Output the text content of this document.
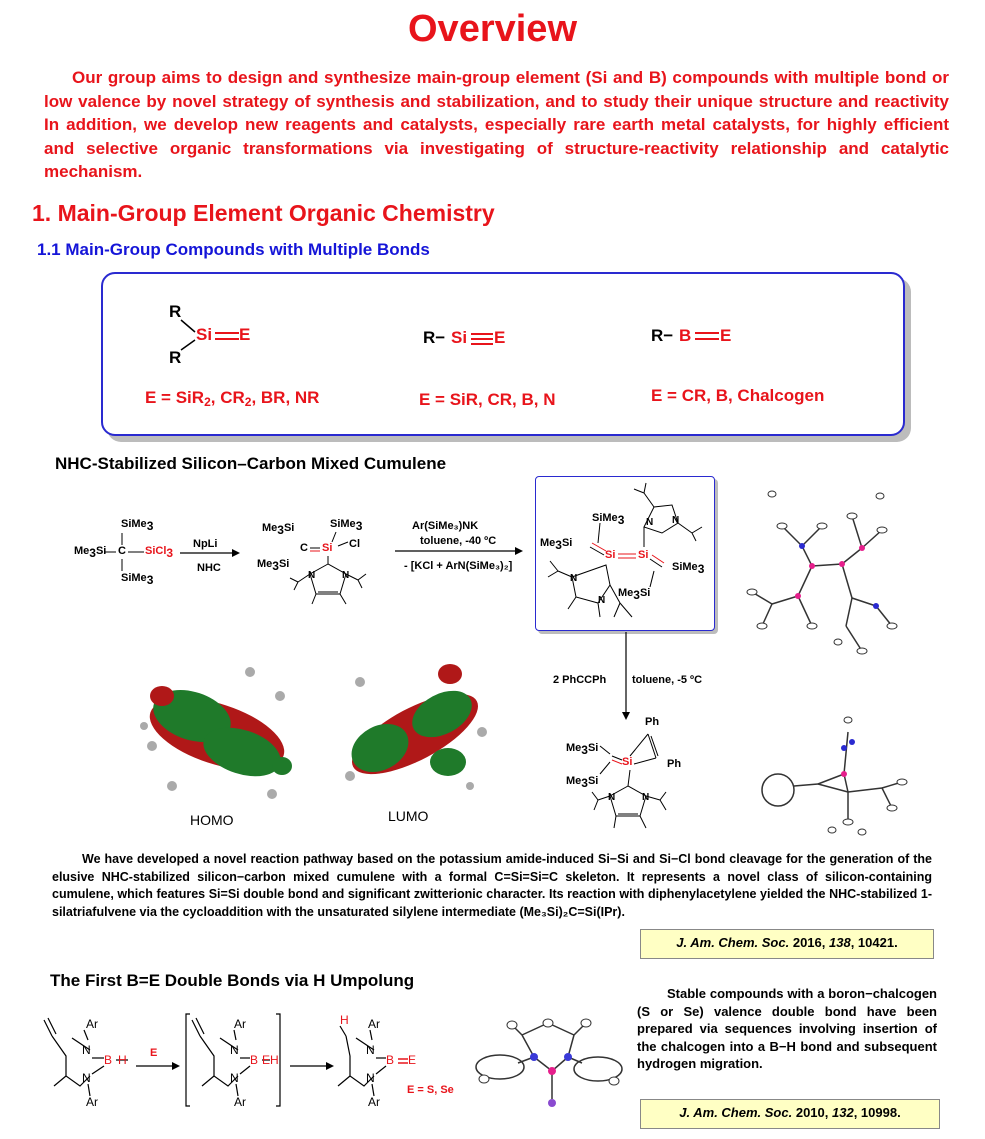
Overview
Our group aims to design and synthesize main-group element (Si and B) compounds with multiple bond or low valence by novel strategy of synthesis and stabilization, and to study their unique structure and reactivity In addition, we develop new reagents and catalysts, especially rare earth metal catalysts, for highly efficient and selective organic transformations via investigating of structure-reactivity relationship and catalytic mechanism.
1. Main-Group Element Organic Chemistry
1.1 Main-Group Compounds with Multiple Bonds
R
R
Si E
E = SiR$_2$, $CR_2$, BR, NR
R− Si E
E = SiR, CR, B, N
R− B E
E = CR, B, Chalcogen
NHC-Stabilized Silicon–Carbon Mixed Cumulene
SiMe3
Me3Si C SiCl3
SiMe3
NpLi
NHC
SiMe3
Me3Si
C Si Cl
Me3Si
N	N
Ar(SiMe₃)NK
toluene, -40 ºC
- [KCl + ArN(SiMe₃)₂]
SiMe3
Me3Si
Si Si
SiMe3
Me3Si
N N
N
N
HOMO	LUMO
2 PhCCPh toluene, -5 ºC
Me3Si
Me3Si
Si
Ph
Ph
N	N
We have developed a novel reaction pathway based on the potassium amide-induced Si−Si and Si−Cl bond cleavage for the generation of the elusive NHC-stabilized silicon−carbon mixed cumulene with a formal C=Si=Si=C skeleton. It represents a novel class of silicon-containing cumulene, which features Si=Si double bond and significant zwitterionic character. Its reaction with diphenylacetylene yielded the NHC-stabilized 1-silatriafulvene via the cycloaddition with the unsaturated silylene intermediate (Me₃Si)₂C=Si(IPr).
J. Am. Chem. Soc. 2016, 138, 10421.
The First B=E Double Bonds via H Umpolung
Ar
N
N
Ar
B H
Ar
N
N
Ar
B EH
H Ar
N
N
Ar
B E
E
E = S, Se
Stable compounds with a boron−chalcogen (S or Se) valence double bond have been prepared via sequences involving insertion of the chalcogen into a B−H bond and subsequent hydrogen migration.
J. Am. Chem. Soc. 2010, 132, 10998.
